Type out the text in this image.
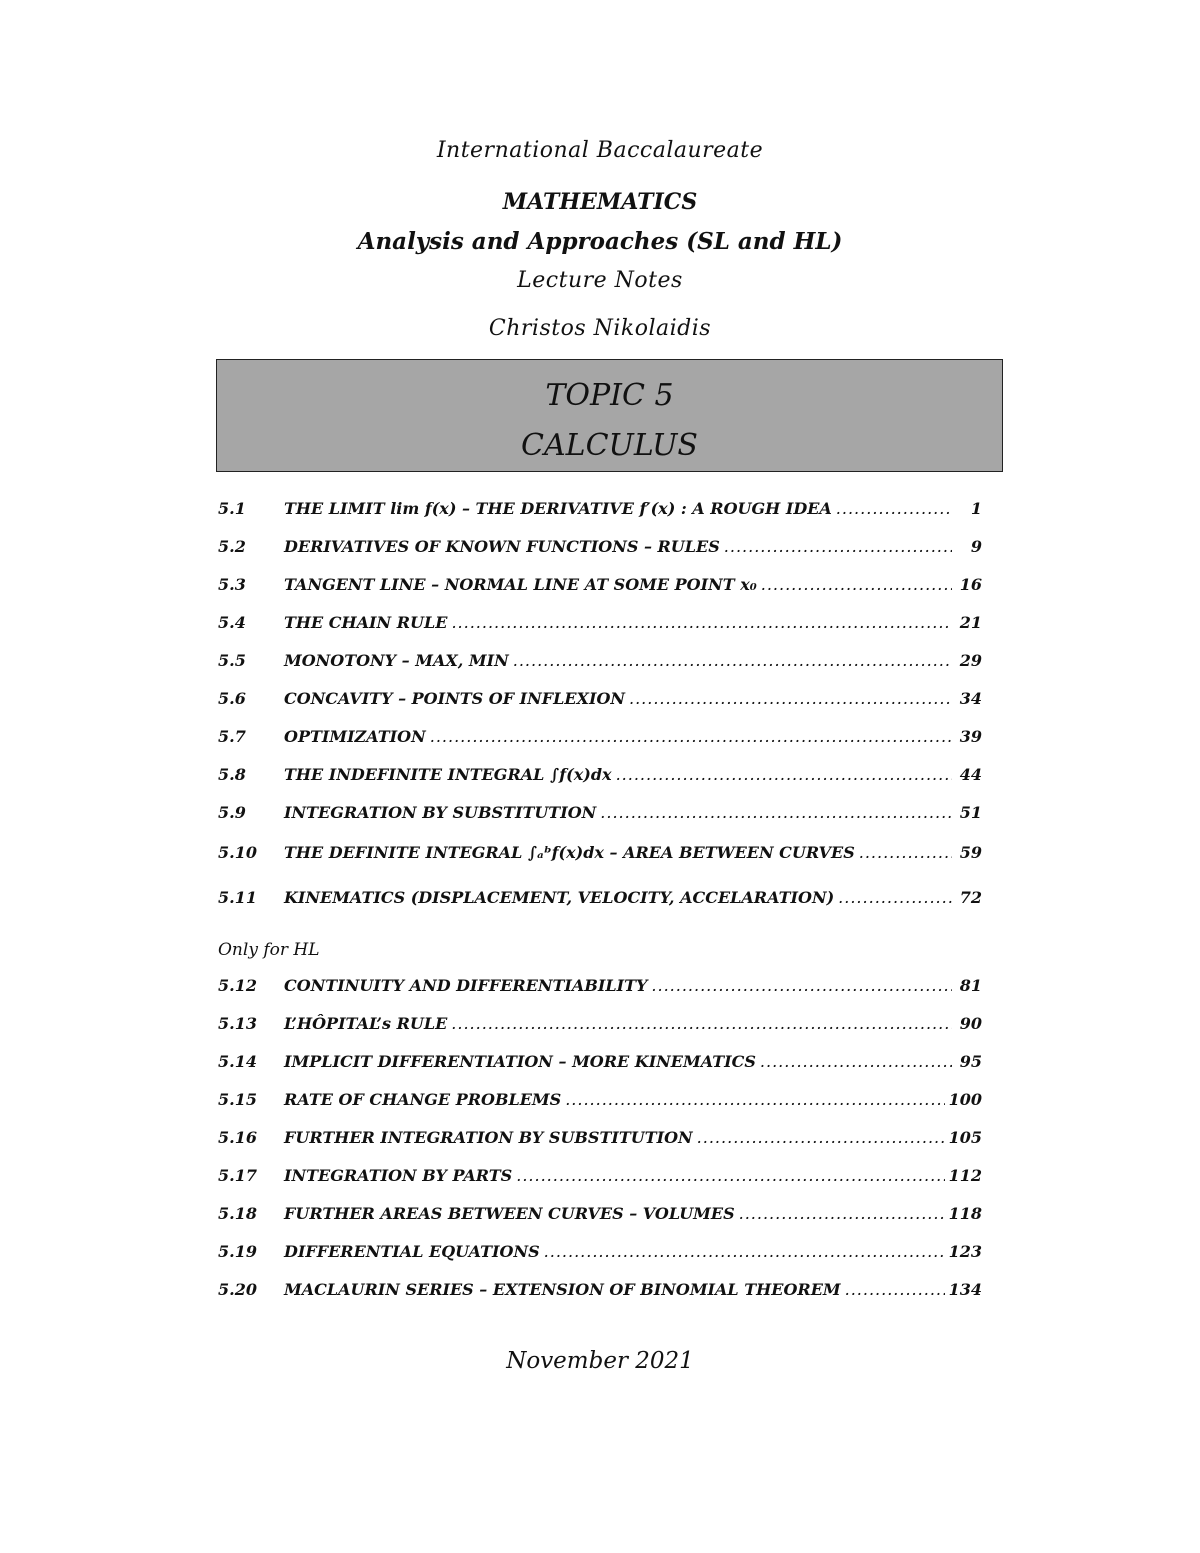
International Baccalaureate
MATHEMATICS
Analysis and Approaches (SL and HL)
Lecture Notes
Christos Nikolaidis
TOPIC 5
CALCULUS
5.1	THE LIMIT lim f(x) – THE DERIVATIVE f′(x) : A ROUGH IDEA .....	1
5.2	DERIVATIVES OF KNOWN FUNCTIONS – RULES .....	9
5.3	TANGENT LINE – NORMAL LINE AT SOME POINT x₀ .....	16
5.4	THE CHAIN RULE .....	21
5.5	MONOTONY – MAX, MIN .....	29
5.6	CONCAVITY – POINTS OF INFLEXION .....	34
5.7	OPTIMIZATION .....	39
5.8	THE INDEFINITE INTEGRAL ∫f(x)dx .....	44
5.9	INTEGRATION BY SUBSTITUTION .....	51
5.10	THE DEFINITE INTEGRAL ∫ₐᵇf(x)dx – AREA BETWEEN CURVES .....	59
5.11	KINEMATICS (DISPLACEMENT, VELOCITY, ACCELARATION) .....	72
Only for HL
5.12	CONTINUITY AND DIFFERENTIABILITY .....	81
5.13	L’HÔPITAL’s RULE .....	90
5.14	IMPLICIT DIFFERENTIATION – MORE KINEMATICS .....	95
5.15	RATE OF CHANGE PROBLEMS .....	100
5.16	FURTHER INTEGRATION BY SUBSTITUTION .....	105
5.17	INTEGRATION BY PARTS .....	112
5.18	FURTHER AREAS BETWEEN CURVES – VOLUMES .....	118
5.19	DIFFERENTIAL EQUATIONS .....	123
5.20	MACLAURIN SERIES – EXTENSION OF BINOMIAL THEOREM .....	134
November 2021
